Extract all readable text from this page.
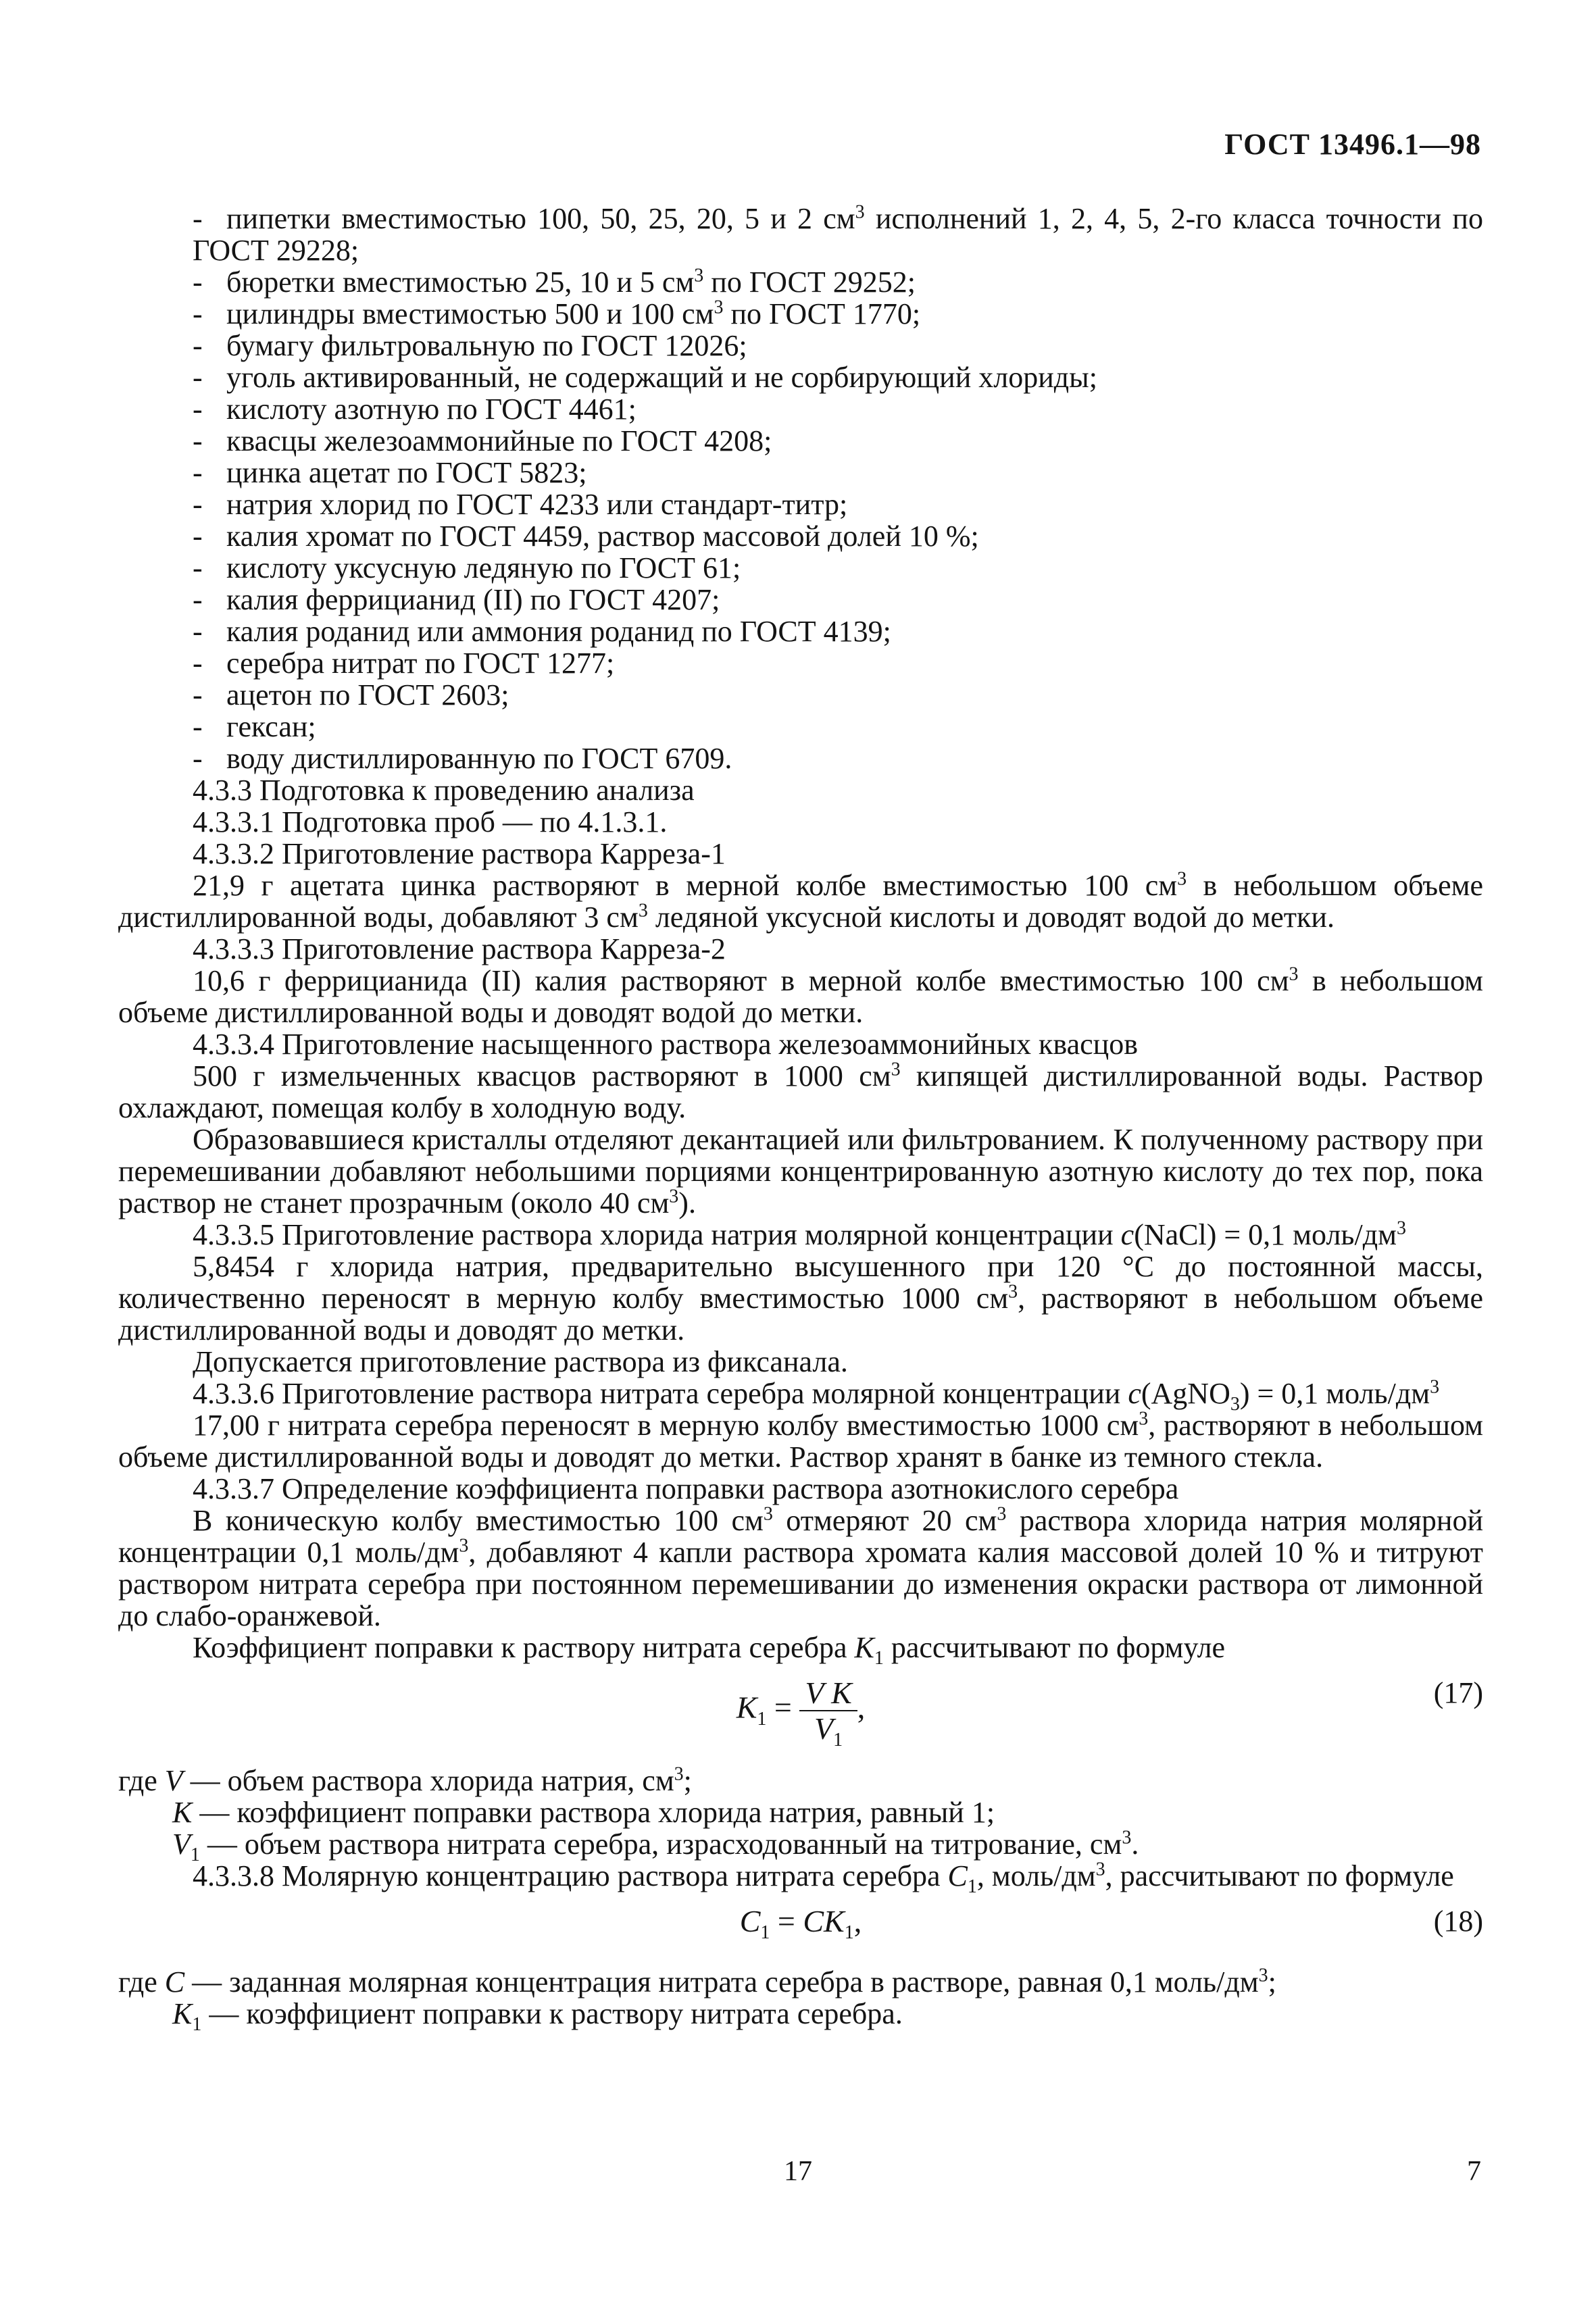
ГОСТ 13496.1—98

- пипетки вместимостью 100, 50, 25, 20, 5 и 2 $см^3$ исполнений 1, 2, 4, 5, 2-го класса точности по ГОСТ 29228;

- бюретки вместимостью 25, 10 и 5 $см^3$ по ГОСТ 29252;

- цилиндры вместимостью 500 и 100 $см^3$ по ГОСТ 1770;

- бумагу фильтровальную по ГОСТ 12026;

- уголь активированный, не содержащий и не сорбирующий хлориды;

- кислоту азотную по ГОСТ 4461;

- квасцы железоаммонийные по ГОСТ 4208;

- цинка ацетат по ГОСТ 5823;

- натрия хлорид по ГОСТ 4233 или стандарт-титр;

- калия хромат по ГОСТ 4459, раствор массовой долей 10 %;

- кислоту уксусную ледяную по ГОСТ 61;

- калия феррицианид (II) по ГОСТ 4207;

- калия роданид или аммония роданид по ГОСТ 4139;

- серебра нитрат по ГОСТ 1277;

- ацетон по ГОСТ 2603;

- гексан;

- воду дистиллированную по ГОСТ 6709.

4.3.3 Подготовка к проведению анализа

4.3.3.1 Подготовка проб — по 4.1.3.1.

4.3.3.2 Приготовление раствора Карреза-1

21,9 г ацетата цинка растворяют в мерной колбе вместимостью 100 $см^3$ в небольшом объеме дистиллированной воды, добавляют 3 $см^3$ ледяной уксусной кислоты и доводят водой до метки.

4.3.3.3 Приготовление раствора Карреза-2

10,6 г феррицианида (II) калия растворяют в мерной колбе вместимостью 100 $см^3$ в небольшом объеме дистиллированной воды и доводят водой до метки.

4.3.3.4 Приготовление насыщенного раствора железоаммонийных квасцов

500 г измельченных квасцов растворяют в 1000 $см^3$ кипящей дистиллированной воды. Раствор охлаждают, помещая колбу в холодную воду.

Образовавшиеся кристаллы отделяют декантацией или фильтрованием. К полученному раствору при перемешивании добавляют небольшими порциями концентрированную азотную кислоту до тех пор, пока раствор не станет прозрачным (около 40 $см^3$).

4.3.3.5 Приготовление раствора хлорида натрия молярной концентрации c(NaCl) = 0,1 моль/$дм^3$

5,8454 г хлорида натрия, предварительно высушенного при 120 °С до постоянной массы, количественно переносят в мерную колбу вместимостью 1000 $см^3$, растворяют в небольшом объеме дистиллированной воды и доводят до метки.

Допускается приготовление раствора из фиксанала.

4.3.3.6 Приготовление раствора нитрата серебра молярной концентрации c(AgNO$_3$) = 0,1 моль/$дм^3$

17,00 г нитрата серебра переносят в мерную колбу вместимостью 1000 $см^3$, растворяют в небольшом объеме дистиллированной воды и доводят до метки. Раствор хранят в банке из темного стекла.

4.3.3.7 Определение коэффициента поправки раствора азотнокислого серебра

В коническую колбу вместимостью 100 $см^3$ отмеряют 20 $см^3$ раствора хлорида натрия молярной концентрации 0,1 моль/$дм^3$, добавляют 4 капли раствора хромата калия массовой долей 10 % и титруют раствором нитрата серебра при постоянном перемешивании до изменения окраски раствора от лимонной до слабо-оранжевой.

Коэффициент поправки к раствору нитрата серебра $K_1$ рассчитывают по формуле

$K_1 = \frac{\text{V K}}{V_1}$ ,	(17)

где V — объем раствора хлорида натрия, $см^3$;

K — коэффициент поправки раствора хлорида натрия, равный 1;

$V_1$ — объем раствора нитрата серебра, израсходованный на титрование, $см^3$.

4.3.3.8 Молярную концентрацию раствора нитрата серебра $C_1$, моль/$дм^3$, рассчитывают по формуле

$C_1 = CK_1$,	(18)

где C — заданная молярная концентрация нитрата серебра в растворе, равная 0,1 моль/$дм^3$;

$K_1$ — коэффициент поправки к раствору нитрата серебра.

17	7
